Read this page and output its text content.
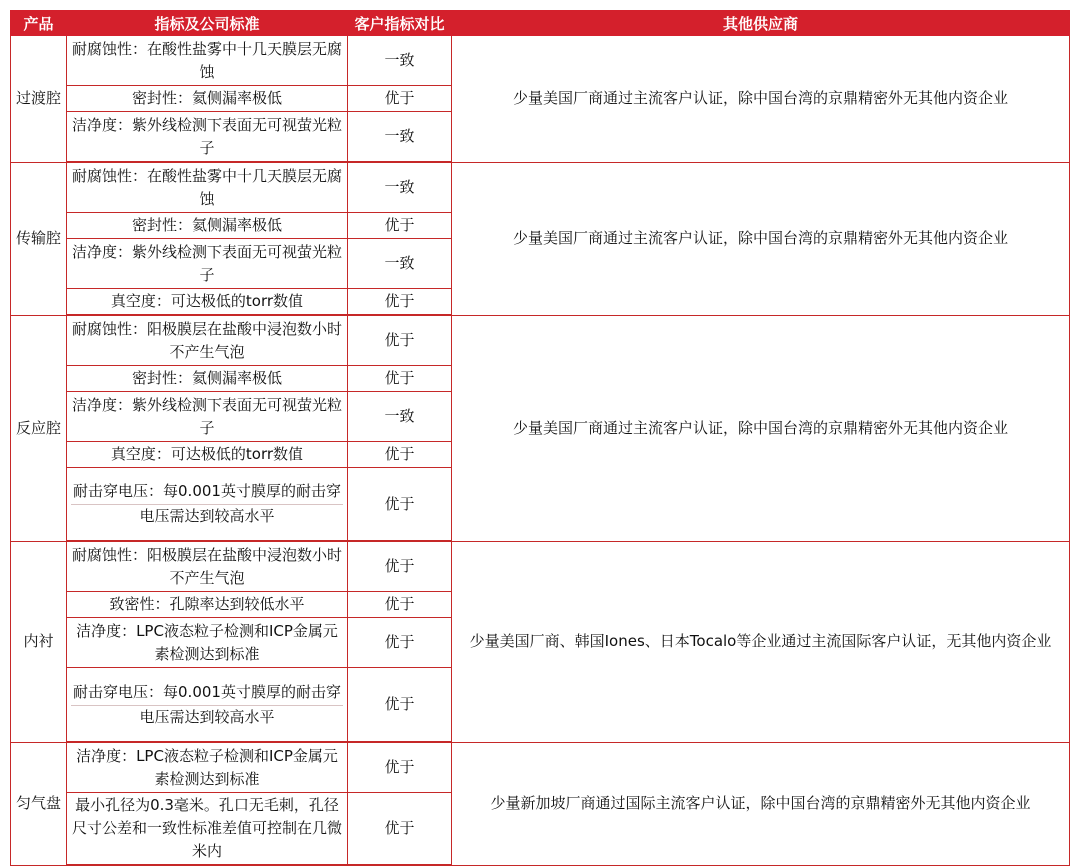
产品	指标及公司标准	客户指标对比	其他供应商
过渡腔	耐腐蚀性：在酸性盐雾中十几天膜层无腐蚀	一致	少量美国厂商通过主流客户认证，除中国台湾的京鼎精密外无其他内资企业
	密封性：氦侧漏率极低	优于	
	洁净度：紫外线检测下表面无可视萤光粒子	一致	
传输腔	耐腐蚀性：在酸性盐雾中十几天膜层无腐蚀	一致	少量美国厂商通过主流客户认证，除中国台湾的京鼎精密外无其他内资企业
	密封性：氦侧漏率极低	优于	
	洁净度：紫外线检测下表面无可视萤光粒子	一致	
	真空度：可达极低的torr数值	优于	
反应腔	耐腐蚀性：阳极膜层在盐酸中浸泡数小时不产生气泡	优于	少量美国厂商通过主流客户认证，除中国台湾的京鼎精密外无其他内资企业
	密封性：氦侧漏率极低	优于	
	洁净度：紫外线检测下表面无可视萤光粒子	一致	
	真空度：可达极低的torr数值	优于	

	耐击穿电压：每0.001英寸膜厚的耐击穿
电压需达到较高水平	优于	
内衬	耐腐蚀性：阳极膜层在盐酸中浸泡数小时不产生气泡	优于	少量美国厂商、韩国Iones、日本Tocalo等企业通过主流国际客户认证，无其他内资企业
	致密性：孔隙率达到较低水平	优于	
	洁净度：LPC液态粒子检测和ICP金属元素检测达到标准	优于	

	耐击穿电压：每0.001英寸膜厚的耐击穿
电压需达到较高水平	优于	
匀气盘	洁净度：LPC液态粒子检测和ICP金属元素检测达到标准	优于	少量新加坡厂商通过国际主流客户认证，除中国台湾的京鼎精密外无其他内资企业
	最小孔径为0.3毫米。孔口无毛刺，孔径尺寸公差和一致性标准差值可控制在几微米内	优于	
